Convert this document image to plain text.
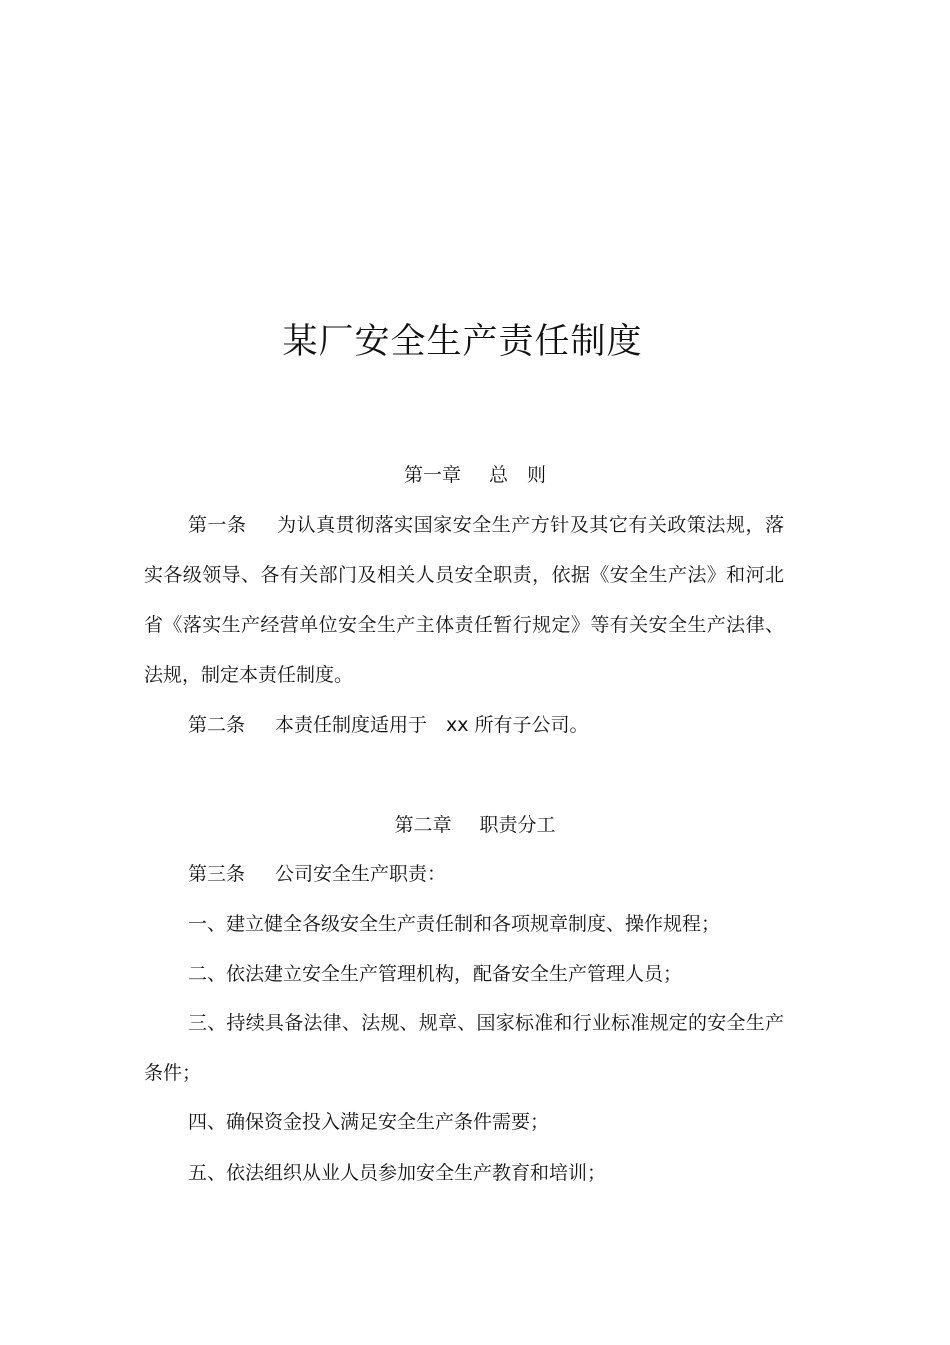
某厂安全生产责任制度
第一章 总　则
第一条 为认真贯彻落实国家安全生产方针及其它有关政策法规，落实各级领导、各有关部门及相关人员安全职责，依据《安全生产法》和河北省《落实生产经营单位安全生产主体责任暂行规定》等有关安全生产法律、法规，制定本责任制度。
第二条 本责任制度适用于　xx 所有子公司。
第二章 职责分工
第三条 公司安全生产职责：
一、建立健全各级安全生产责任制和各项规章制度、操作规程；
二、依法建立安全生产管理机构，配备安全生产管理人员；
三、持续具备法律、法规、规章、国家标准和行业标准规定的安全生产条件；
四、确保资金投入满足安全生产条件需要；
五、依法组织从业人员参加安全生产教育和培训；
